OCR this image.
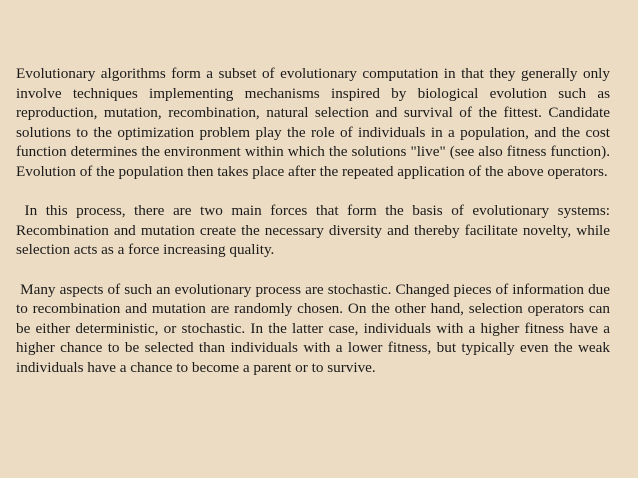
Evolutionary algorithms form a subset of evolutionary computation in that they generally only involve techniques implementing mechanisms inspired by biological evolution such as reproduction, mutation, recombination, natural selection and survival of the fittest. Candidate solutions to the optimization problem play the role of individuals in a population, and the cost function determines the environment within which the solutions "live" (see also fitness function). Evolution of the population then takes place after the repeated application of the above operators.

In this process, there are two main forces that form the basis of evolutionary systems: Recombination and mutation create the necessary diversity and thereby facilitate novelty, while selection acts as a force increasing quality.

Many aspects of such an evolutionary process are stochastic. Changed pieces of information due to recombination and mutation are randomly chosen. On the other hand, selection operators can be either deterministic, or stochastic. In the latter case, individuals with a higher fitness have a higher chance to be selected than individuals with a lower fitness, but typically even the weak individuals have a chance to become a parent or to survive.
